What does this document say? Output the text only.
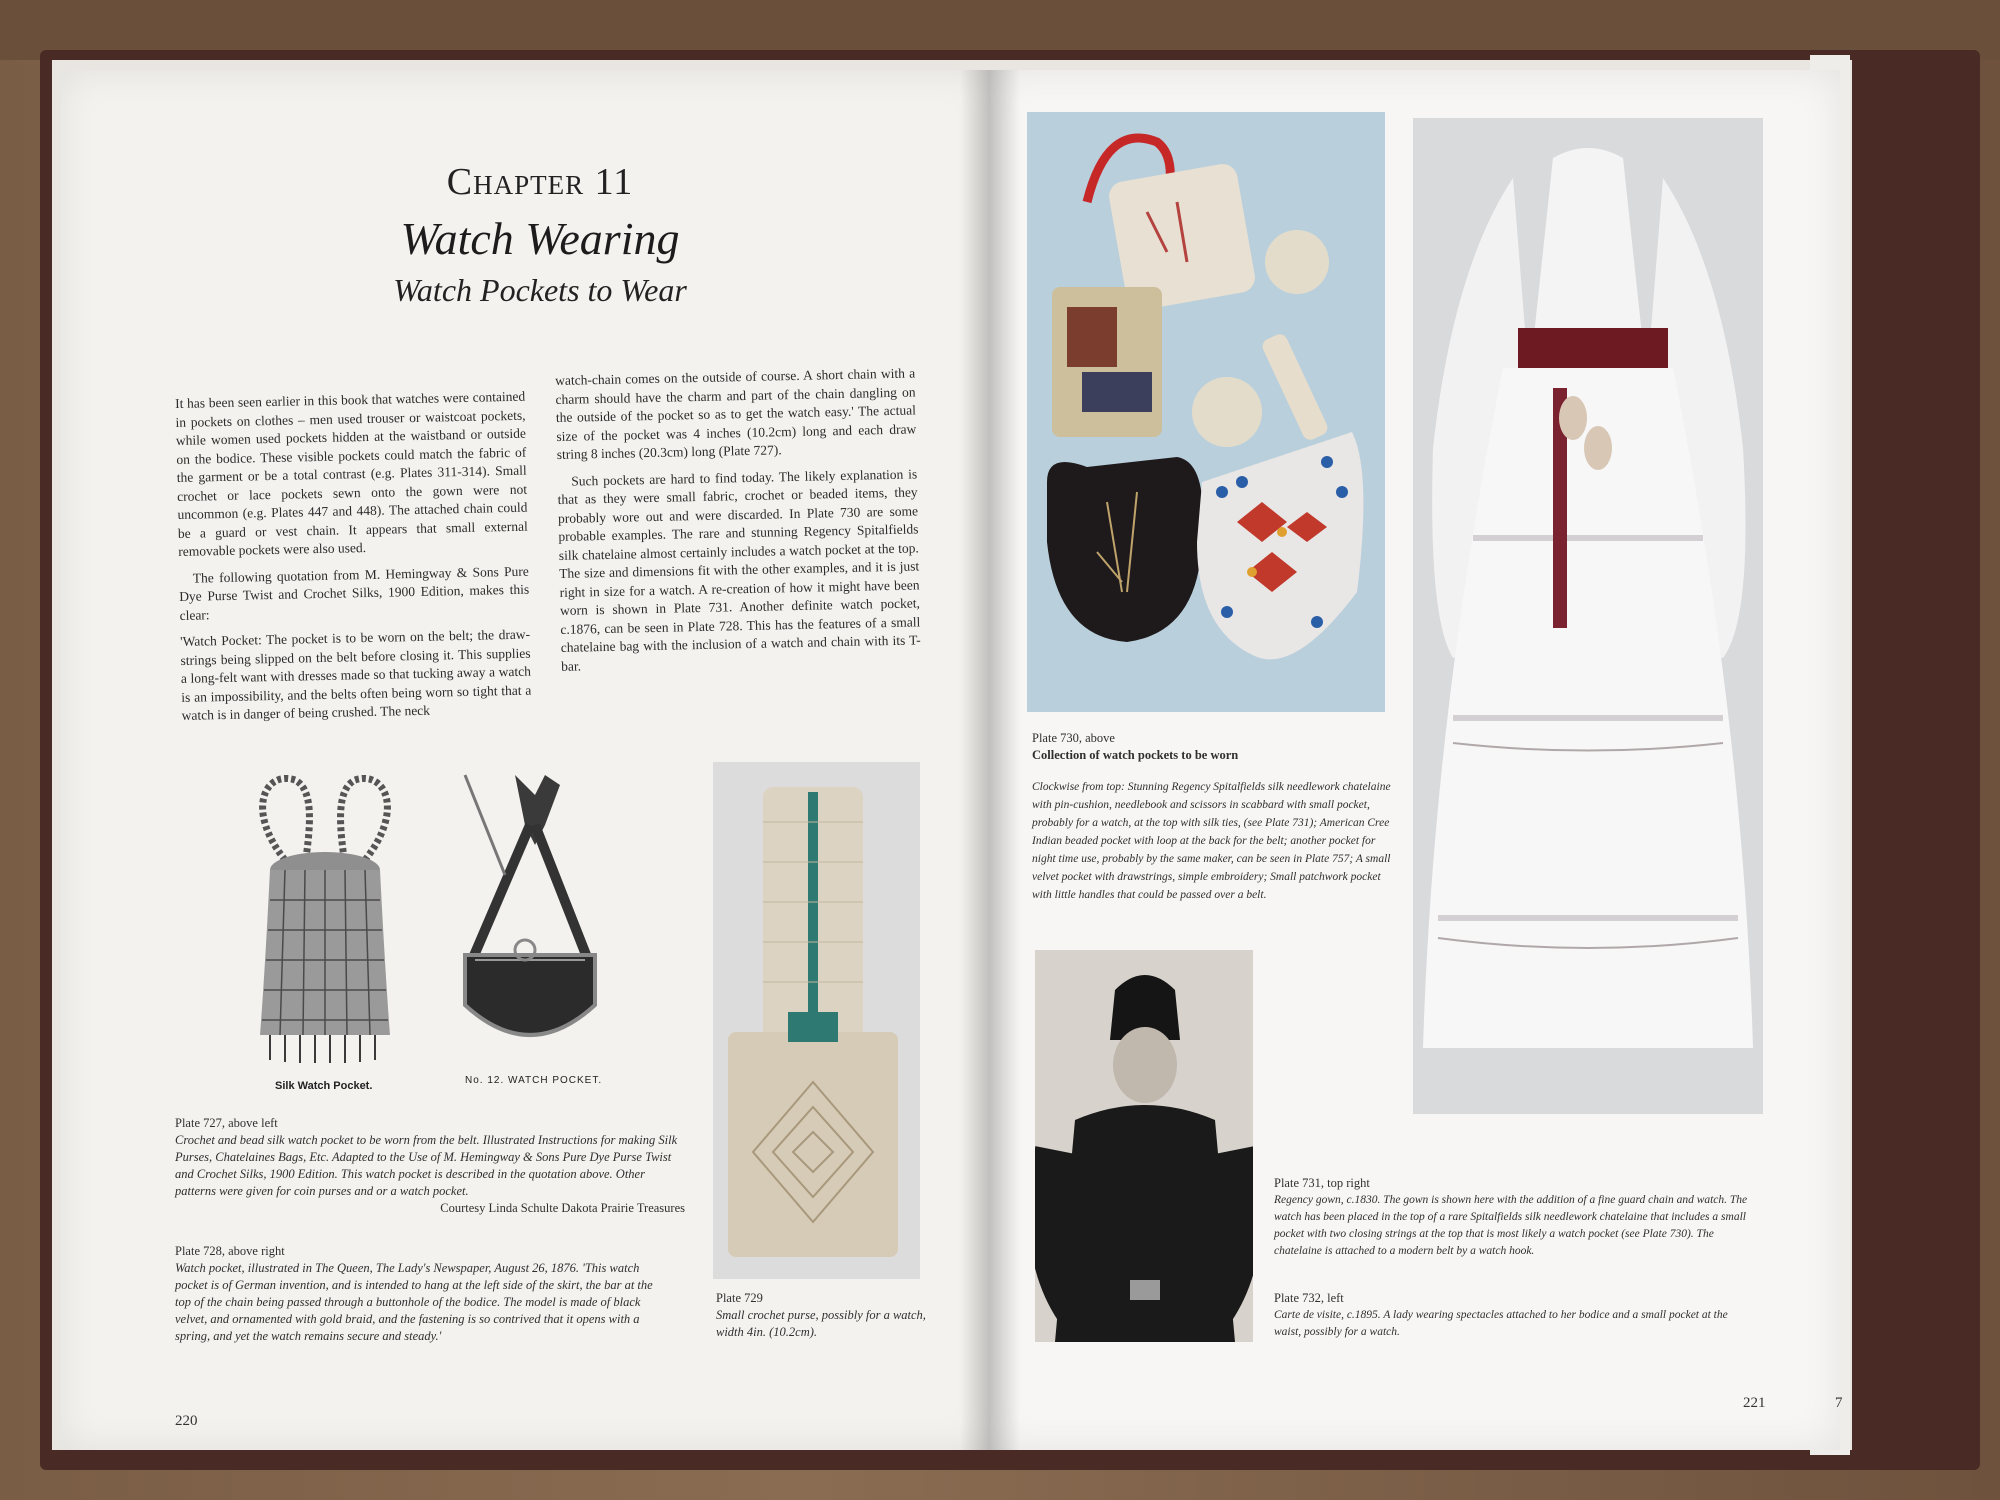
Chapter 11
Watch Wearing
Watch Pockets to Wear

It has been seen earlier in this book that watches were contained in pockets on clothes – men used trouser or waistcoat pockets, while women used pockets hidden at the waistband or outside on the bodice. These visible pockets could match the fabric of the garment or be a total contrast (e.g. Plates 311-314). Small crochet or lace pockets sewn onto the gown were not uncommon (e.g. Plates 447 and 448). The attached chain could be a guard or vest chain. It appears that small external removable pockets were also used.

The following quotation from M. Hemingway & Sons Pure Dye Purse Twist and Crochet Silks, 1900 Edition, makes this clear:

'Watch Pocket: The pocket is to be worn on the belt; the draw-strings being slipped on the belt before closing it. This supplies a long-felt want with dresses made so that tucking away a watch is an impossibility, and the belts often being worn so tight that a watch is in danger of being crushed. The neck

watch-chain comes on the outside of course. A short chain with a charm should have the charm and part of the chain dangling on the outside of the pocket so as to get the watch easy.' The actual size of the pocket was 4 inches (10.2cm) long and each draw string 8 inches (20.3cm) long (Plate 727).

Such pockets are hard to find today. The likely explanation is that as they were small fabric, crochet or beaded items, they probably wore out and were discarded. In Plate 730 are some probable examples. The rare and stunning Regency Spitalfields silk chatelaine almost certainly includes a watch pocket at the top. The size and dimensions fit with the other examples, and it is just right in size for a watch. A re-creation of how it might have been worn is shown in Plate 731. Another definite watch pocket, c.1876, can be seen in Plate 728. This has the features of a small chatelaine bag with the inclusion of a watch and chain with its T-bar.

Silk Watch Pocket.	No. 12. WATCH POCKET.
Plate 727, above left
Crochet and bead silk watch pocket to be worn from the belt. Illustrated Instructions for making Silk Purses, Chatelaines Bags, Etc. Adapted to the Use of M. Hemingway & Sons Pure Dye Purse Twist and Crochet Silks, 1900 Edition. This watch pocket is described in the quotation above. Other patterns were given for coin purses and or a watch pocket.
Courtesy Linda Schulte Dakota Prairie Treasures
Plate 728, above right
Watch pocket, illustrated in The Queen, The Lady's Newspaper, August 26, 1876. 'This watch pocket is of German invention, and is intended to hang at the left side of the skirt, the bar at the top of the chain being passed through a buttonhole of the bodice. The model is made of black velvet, and ornamented with gold braid, and the fastening is so contrived that it opens with a spring, and yet the watch remains secure and steady.'
Plate 729
Small crochet purse, possibly for a watch, width 4in. (10.2cm).
220
Plate 730, above
Collection of watch pockets to be worn
Clockwise from top: Stunning Regency Spitalfields silk needlework chatelaine with pin-cushion, needlebook and scissors in scabbard with small pocket, probably for a watch, at the top with silk ties, (see Plate 731); American Cree Indian beaded pocket with loop at the back for the belt; another pocket for night time use, probably by the same maker, can be seen in Plate 757; A small velvet pocket with drawstrings, simple embroidery; Small patchwork pocket with little handles that could be passed over a belt.
Plate 731, top right
Regency gown, c.1830. The gown is shown here with the addition of a fine guard chain and watch. The watch has been placed in the top of a rare Spitalfields silk needlework chatelaine that includes a small pocket with two closing strings at the top that is most likely a watch pocket (see Plate 730). The chatelaine is attached to a modern belt by a watch hook.
Plate 732, left
Carte de visite, c.1895. A lady wearing spectacles attached to her bodice and a small pocket at the waist, possibly for a watch.
221	7
